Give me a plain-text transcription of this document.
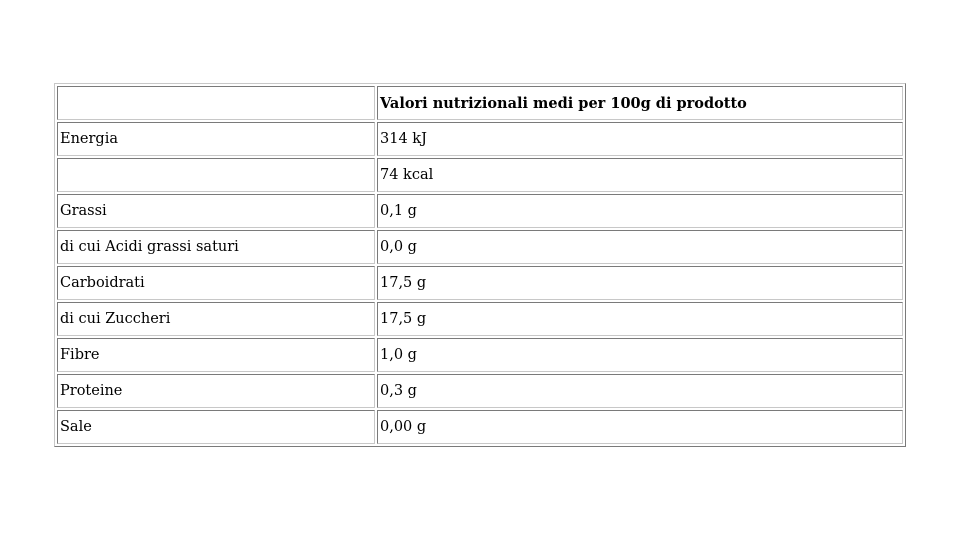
	Valori nutrizionali medi per 100g di prodotto
Energia	314 kJ
	74 kcal
Grassi	0,1 g
di cui Acidi grassi saturi	0,0 g
Carboidrati	17,5 g
di cui Zuccheri	17,5 g
Fibre	1,0 g
Proteine	0,3 g
Sale	0,00 g
